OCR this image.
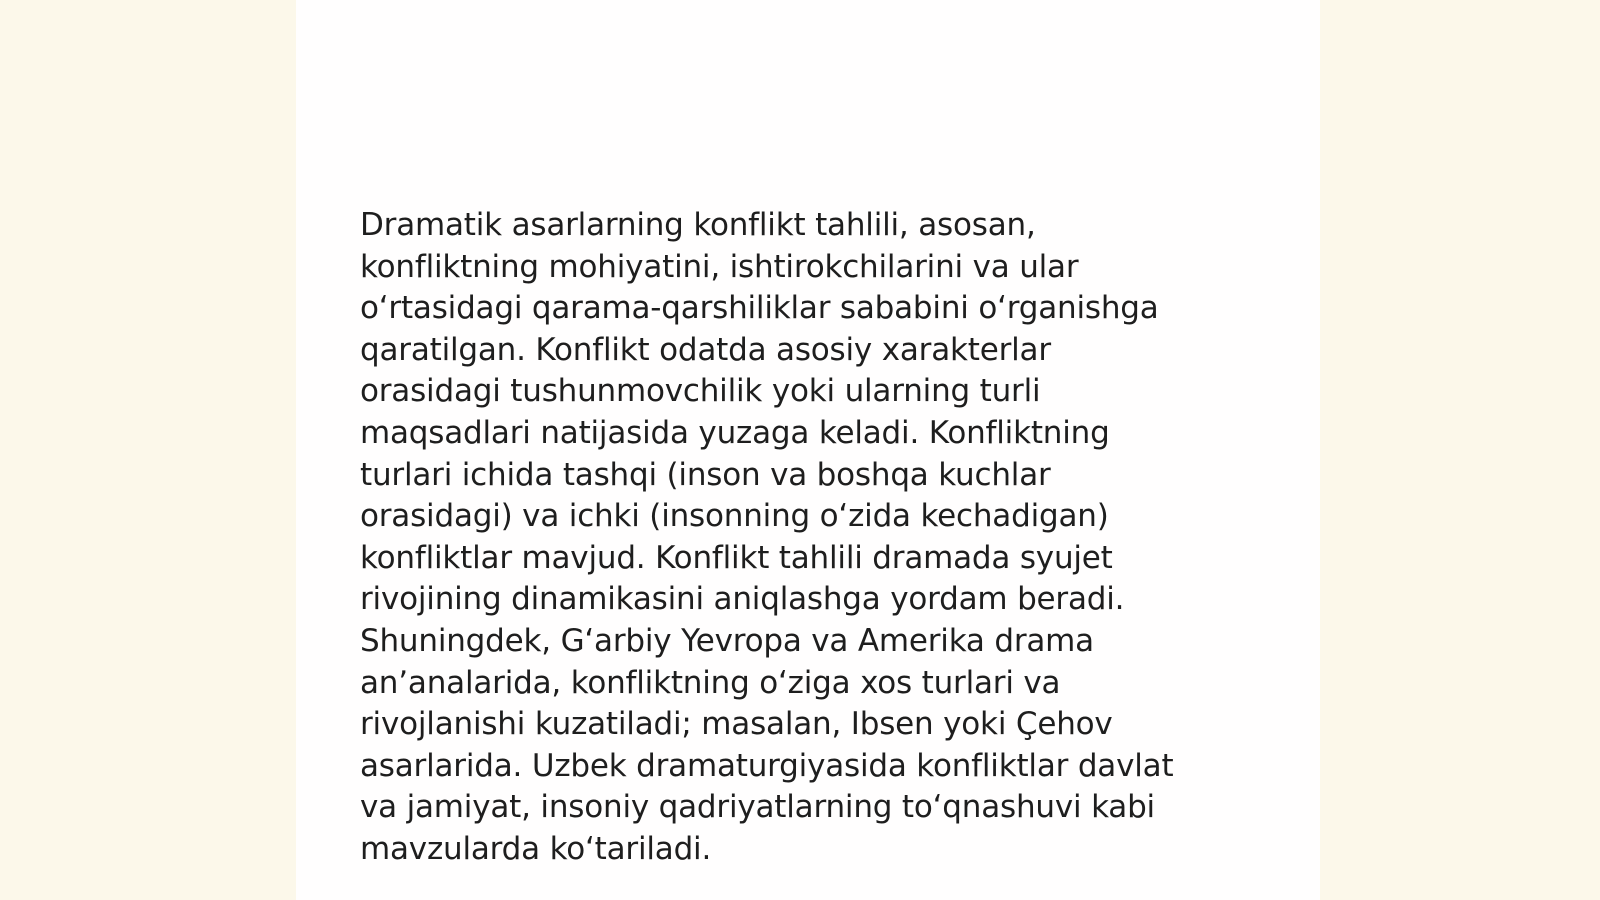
Dramatik asarlarning konflikt tahlili, asosan,
konfliktning mohiyatini, ishtirokchilarini va ular
o‘rtasidagi qarama-qarshiliklar sababini o‘rganishga
qaratilgan. Konflikt odatda asosiy xarakterlar
orasidagi tushunmovchilik yoki ularning turli
maqsadlari natijasida yuzaga keladi. Konfliktning
turlari ichida tashqi (inson va boshqa kuchlar
orasidagi) va ichki (insonning o‘zida kechadigan)
konfliktlar mavjud. Konflikt tahlili dramada syujet
rivojining dinamikasini aniqlashga yordam beradi.
Shuningdek, G‘arbiy Yevropa va Amerika drama
an’analarida, konfliktning o‘ziga xos turlari va
rivojlanishi kuzatiladi; masalan, Ibsen yoki Çehov
asarlarida. Uzbek dramaturgiyasida konfliktlar davlat
va jamiyat, insoniy qadriyatlarning to‘qnashuvi kabi
mavzularda ko‘tariladi.
